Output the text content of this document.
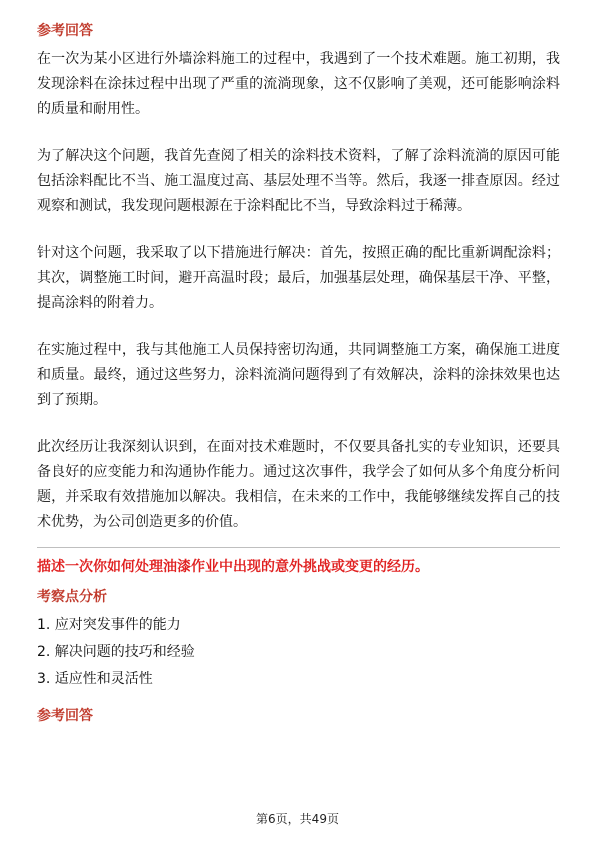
参考回答

在一次为某小区进行外墙涂料施工的过程中，我遇到了一个技术难题。施工初期，我发现涂料在涂抹过程中出现了严重的流淌现象，这不仅影响了美观，还可能影响涂料的质量和耐用性。

为了解决这个问题，我首先查阅了相关的涂料技术资料，了解了涂料流淌的原因可能包括涂料配比不当、施工温度过高、基层处理不当等。然后，我逐一排查原因。经过观察和测试，我发现问题根源在于涂料配比不当，导致涂料过于稀薄。

针对这个问题，我采取了以下措施进行解决：首先，按照正确的配比重新调配涂料；其次，调整施工时间，避开高温时段；最后，加强基层处理，确保基层干净、平整，提高涂料的附着力。

在实施过程中，我与其他施工人员保持密切沟通，共同调整施工方案，确保施工进度和质量。最终，通过这些努力，涂料流淌问题得到了有效解决，涂料的涂抹效果也达到了预期。

此次经历让我深刻认识到，在面对技术难题时，不仅要具备扎实的专业知识，还要具备良好的应变能力和沟通协作能力。通过这次事件，我学会了如何从多个角度分析问题，并采取有效措施加以解决。我相信，在未来的工作中，我能够继续发挥自己的技术优势，为公司创造更多的价值。

描述一次你如何处理油漆作业中出现的意外挑战或变更的经历。

考察点分析
1. 应对突发事件的能力
2. 解决问题的技巧和经验
3. 适应性和灵活性
参考回答
第6页，共49页
